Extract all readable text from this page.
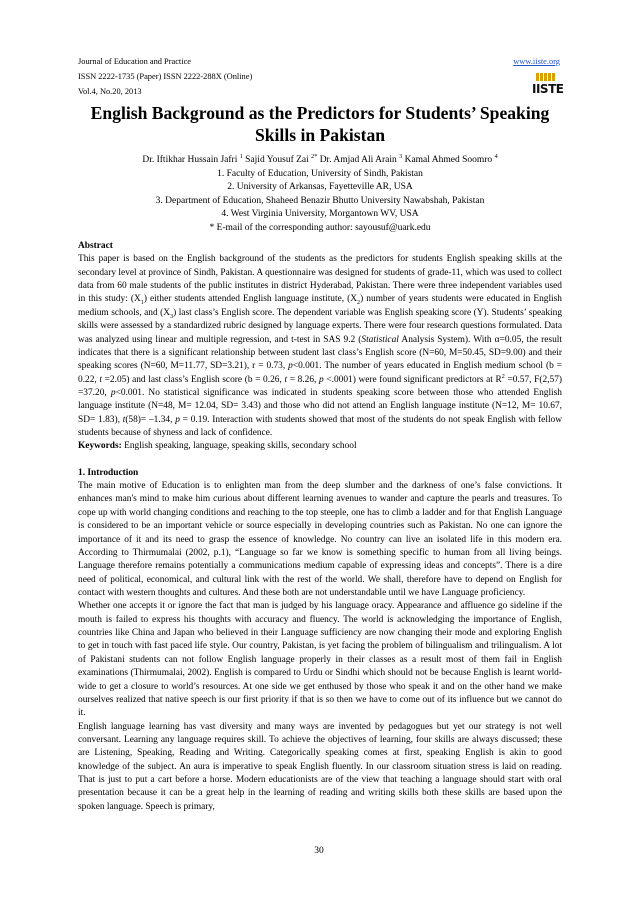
Journal of Education and Practice
ISSN 2222-1735 (Paper) ISSN 2222-288X (Online)
Vol.4, No.20, 2013
www.iiste.org
IISTE
English Background as the Predictors for Students’ Speaking
Skills in Pakistan
Dr. Iftikhar Hussain Jafri $^1$ Sajid Yousuf Zai $^{2*}$ Dr. Amjad Ali Arain $^3$ Kamal Ahmed Soomro $^4$
1. Faculty of Education, University of Sindh, Pakistan
2. University of Arkansas, Fayetteville AR, USA
3. Department of Education, Shaheed Benazir Bhutto University Nawabshah, Pakistan
4. West Virginia University, Morgantown WV, USA
* E-mail of the corresponding author: sayousuf@uark.edu
Abstract

This paper is based on the English background of the students as the predictors for students English speaking skills at the secondary level at province of Sindh, Pakistan. A questionnaire was designed for students of grade-11, which was used to collect data from 60 male students of the public institutes in district Hyderabad, Pakistan. There were three independent variables used in this study: $(X_1)$ either students attended English language institute, $(X_2)$ number of years students were educated in English medium schools, and $(X_3)$ last class’s English score. The dependent variable was English speaking score (Y). Students’ speaking skills were assessed by a standardized rubric designed by language experts. There were four research questions formulated. Data was analyzed using linear and multiple regression, and t-test in SAS 9.2 (Statistical Analysis System). With α=0.05, the result indicates that there is a significant relationship between student last class’s English score (N=60, M=50.45, SD=9.00) and their speaking scores (N=60, M=11.77, SD=3.21), r = 0.73, p<0.001. The number of years educated in English medium school (b = 0.22, t =2.05) and last class’s English score (b = 0.26, t = 8.26, p <.0001) were found significant predictors at $R^2 =0.57$, F(2,57) =37.20, p<0.001. No statistical significance was indicated in students speaking score between those who attended English language institute (N=48, M= 12.04, SD= 3.43) and those who did not attend an English language institute (N=12, M= 10.67, SD= 1.83), t(58)= –1.34, p = 0.19. Interaction with students showed that most of the students do not speak English with fellow students because of shyness and lack of confidence.

Keywords: English speaking, language, speaking skills, secondary school

1. Introduction

The main motive of Education is to enlighten man from the deep slumber and the darkness of one’s false convictions. It enhances man's mind to make him curious about different learning avenues to wander and capture the pearls and treasures. To cope up with world changing conditions and reaching to the top steeple, one has to climb a ladder and for that English Language is considered to be an important vehicle or source especially in developing countries such as Pakistan. No one can ignore the importance of it and its need to grasp the essence of knowledge. No country can live an isolated life in this modern era. According to Thirmumalai (2002, p.1), “Language so far we know is something specific to human from all living beings. Language therefore remains potentially a communications medium capable of expressing ideas and concepts”. There is a dire need of political, economical, and cultural link with the rest of the world. We shall, therefore have to depend on English for contact with western thoughts and cultures. And these both are not understandable until we have Language proficiency.

Whether one accepts it or ignore the fact that man is judged by his language oracy. Appearance and affluence go sideline if the mouth is failed to express his thoughts with accuracy and fluency. The world is acknowledging the importance of English, countries like China and Japan who believed in their Language sufficiency are now changing their mode and exploring English to get in touch with fast paced life style. Our country, Pakistan, is yet facing the problem of bilingualism and trilingualism. A lot of Pakistani students can not follow English language properly in their classes as a result most of them fail in English examinations (Thirmumalai, 2002). English is compared to Urdu or Sindhi which should not be because English is learnt world-wide to get a closure to world’s resources. At one side we get enthused by those who speak it and on the other hand we make ourselves realized that native speech is our first priority if that is so then we have to come out of its influence but we cannot do it.

English language learning has vast diversity and many ways are invented by pedagogues but yet our strategy is not well conversant. Learning any language requires skill. To achieve the objectives of learning, four skills are always discussed; these are Listening, Speaking, Reading and Writing. Categorically speaking comes at first, speaking English is akin to good knowledge of the subject. An aura is imperative to speak English fluently. In our classroom situation stress is laid on reading. That is just to put a cart before a horse. Modern educationists are of the view that teaching a language should start with oral presentation because it can be a great help in the learning of reading and writing skills both these skills are based upon the spoken language. Speech is primary,

30
